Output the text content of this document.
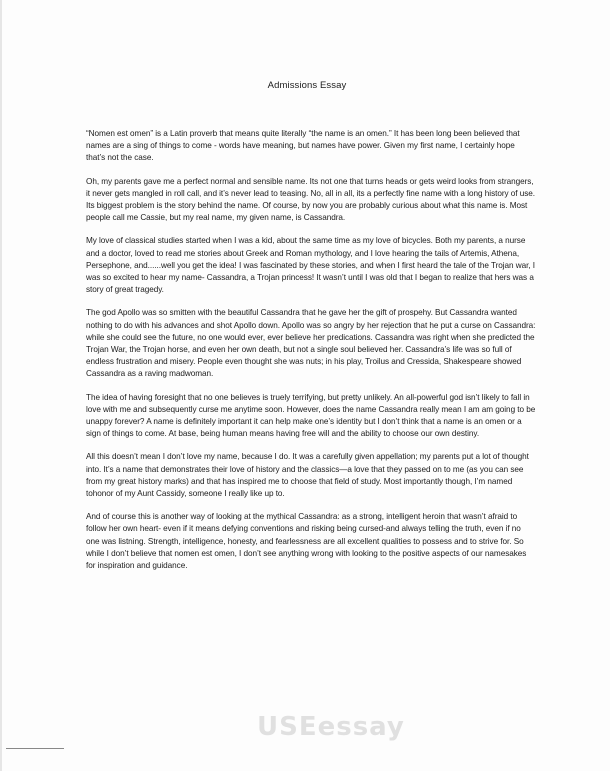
Admissions Essay

“Nomen est omen” is a Latin proverb that means quite literally “the name is an omen.” It has been long been believed that names are a sing of things to come - words have meaning, but names have power. Given my first name, I certainly hope that’s not the case.

Oh, my parents gave me a perfect normal and sensible name. Its not one that turns heads or gets weird looks from strangers, it never gets mangled in roll call, and it’s never lead to teasing. No, all in all, its a perfectly fine name with a long history of use. Its biggest problem is the story behind the name. Of course, by now you are probably curious about what this name is. Most people call me Cassie, but my real name, my given name, is Cassandra.

My love of classical studies started when I was a kid, about the same time as my love of bicycles. Both my parents, a nurse and a doctor, loved to read me stories about Greek and Roman mythology, and I love hearing the tails of Artemis, Athena, Persephone, and......well you get the idea! I was fascinated by these stories, and when I first heard the tale of the Trojan war, I was so excited to hear my name- Cassandra, a Trojan princess! It wasn’t until I was old that I began to realize that hers was a story of great tragedy.

The god Apollo was so smitten with the beautiful Cassandra that he gave her the gift of prospehy. But Cassandra wanted nothing to do with his advances and shot Apollo down. Apollo was so angry by her rejection that he put a curse on Cassandra: while she could see the future, no one would ever, ever believe her predications. Cassandra was right when she predicted the Trojan War, the Trojan horse, and even her own death, but not a single soul believed her. Cassandra’s life was so full of endless frustration and misery. People even thought she was nuts; in his play, Troilus and Cressida, Shakespeare showed Cassandra as a raving madwoman.

The idea of having foresight that no one believes is truely terrifying, but pretty unlikely. An all-powerful god isn’t likely to fall in love with me and subsequently curse me anytime soon. However, does the name Cassandra really mean I am am going to be unappy forever? A name is definitely important it can help make one’s identity but I don’t think that a name is an omen or a sign of things to come. At base, being human means having free will and the ability to choose our own destiny.

All this doesn’t mean I don’t love my name, because I do. It was a carefully given appellation; my parents put a lot of thought into. It’s a name that demonstrates their love of history and the classics—a love that they passed on to me (as you can see from my great history marks) and that has inspired me to choose that field of study. Most importantly though, I’m named tohonor of my Aunt Cassidy, someone I really like up to.

And of course this is another way of looking at the mythical Cassandra: as a strong, intelligent heroin that wasn’t afraid to follow her own heart- even if it means defying conventions and risking being cursed-and always telling the truth, even if no one was listning. Strength, intelligence, honesty, and fearlessness are all excellent qualities to possess and to strive for. So while I don’t believe that nomen est omen, I don’t see anything wrong with looking to the positive aspects of our namesakes for inspiration and guidance.

USEessay
